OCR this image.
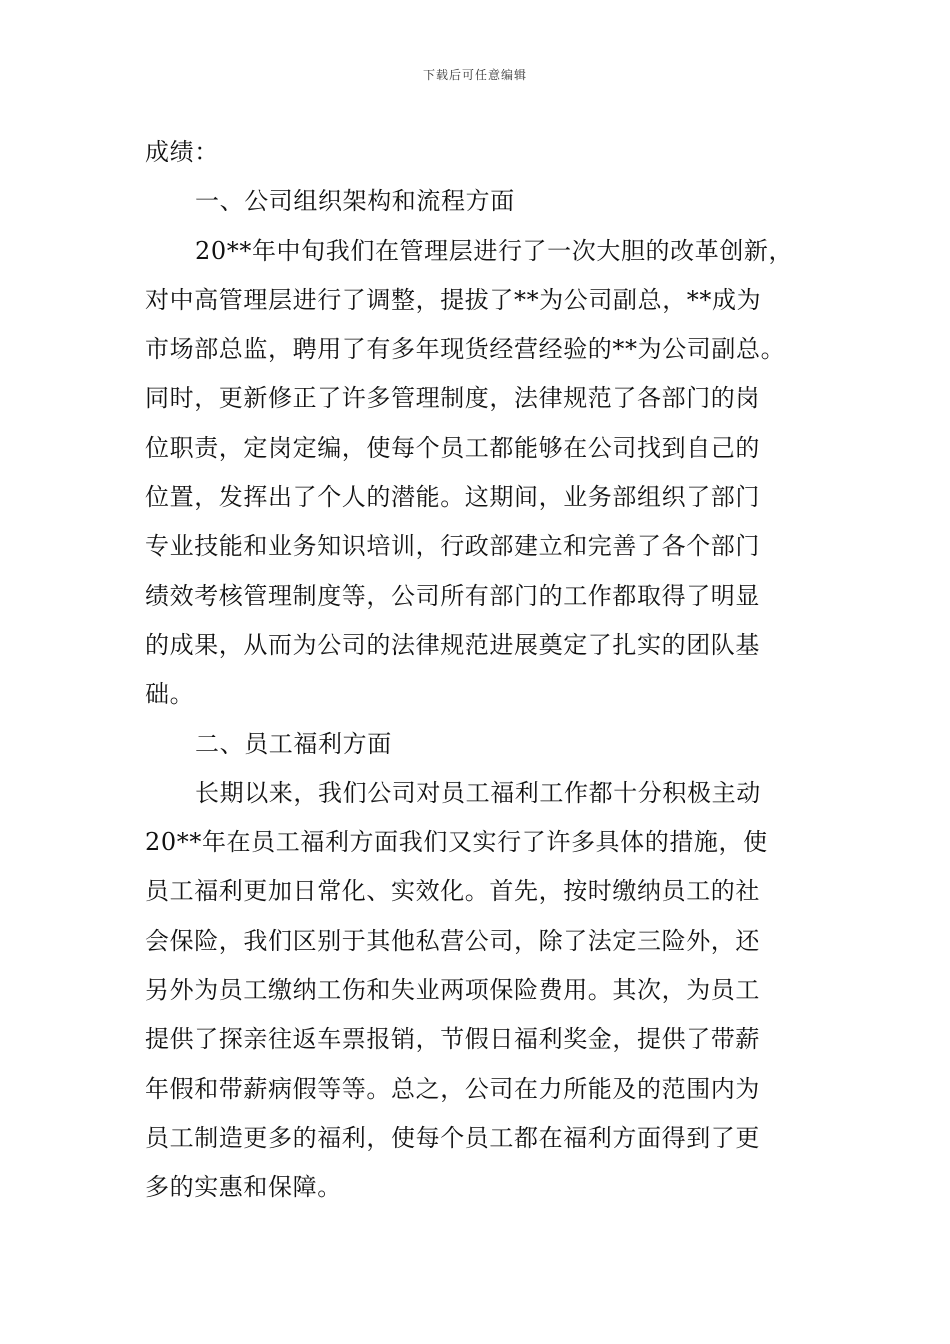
下载后可任意编辑
成绩：
一、公司组织架构和流程方面
20**年中旬我们在管理层进行了一次大胆的改革创新，
对中高管理层进行了调整，提拔了**为公司副总，**成为
市场部总监，聘用了有多年现货经营经验的**为公司副总。
同时，更新修正了许多管理制度，法律规范了各部门的岗
位职责，定岗定编，使每个员工都能够在公司找到自己的
位置，发挥出了个人的潜能。这期间，业务部组织了部门
专业技能和业务知识培训，行政部建立和完善了各个部门
绩效考核管理制度等，公司所有部门的工作都取得了明显
的成果，从而为公司的法律规范进展奠定了扎实的团队基
础。
二、员工福利方面
长期以来，我们公司对员工福利工作都十分积极主动
20**年在员工福利方面我们又实行了许多具体的措施，使
员工福利更加日常化、实效化。首先，按时缴纳员工的社
会保险，我们区别于其他私营公司，除了法定三险外，还
另外为员工缴纳工伤和失业两项保险费用。其次，为员工
提供了探亲往返车票报销，节假日福利奖金，提供了带薪
年假和带薪病假等等。总之，公司在力所能及的范围内为
员工制造更多的福利，使每个员工都在福利方面得到了更
多的实惠和保障。
